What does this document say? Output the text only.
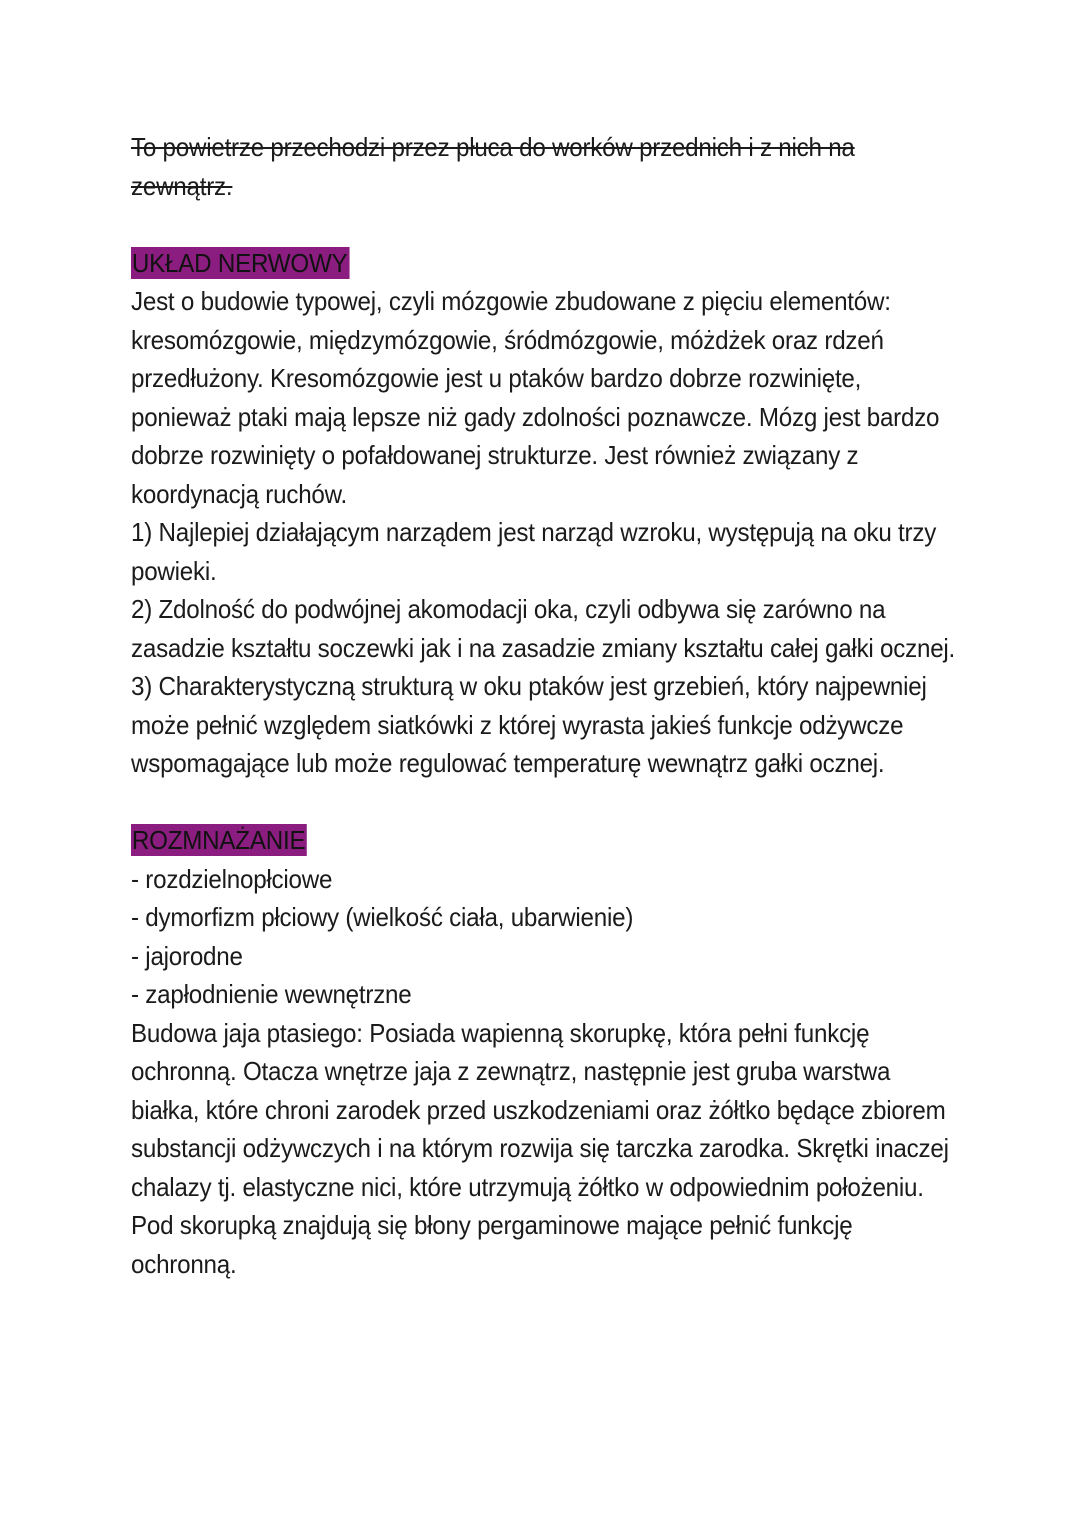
To powietrze przechodzi przez płuca do worków przednich i z nich na zewnątrz.

UKŁAD NERWOWY

Jest o budowie typowej, czyli mózgowie zbudowane z pięciu elementów: kresomózgowie, międzymózgowie, śródmózgowie, móżdżek oraz rdzeń przedłużony. Kresomózgowie jest u ptaków bardzo dobrze rozwinięte, ponieważ ptaki mają lepsze niż gady zdolności poznawcze. Mózg jest bardzo dobrze rozwinięty o pofałdowanej strukturze. Jest również związany z koordynacją ruchów.

1) Najlepiej działającym narządem jest narząd wzroku, występują na oku trzy powieki.

2) Zdolność do podwójnej akomodacji oka, czyli odbywa się zarówno na zasadzie kształtu soczewki jak i na zasadzie zmiany kształtu całej gałki ocznej.

3) Charakterystyczną strukturą w oku ptaków jest grzebień, który najpewniej może pełnić względem siatkówki z której wyrasta jakieś funkcje odżywcze wspomagające lub może regulować temperaturę wewnątrz gałki ocznej.

ROZMNAŻANIE

- rozdzielnopłciowe

- dymorfizm płciowy (wielkość ciała, ubarwienie)

- jajorodne

- zapłodnienie wewnętrzne

Budowa jaja ptasiego: Posiada wapienną skorupkę, która pełni funkcję ochronną. Otacza wnętrze jaja z zewnątrz, następnie jest gruba warstwa białka, które chroni zarodek przed uszkodzeniami oraz żółtko będące zbiorem substancji odżywczych i na którym rozwija się tarczka zarodka. Skrętki inaczej chalazy tj. elastyczne nici, które utrzymują żółtko w odpowiednim położeniu. Pod skorupką znajdują się błony pergaminowe mające pełnić funkcję ochronną.
